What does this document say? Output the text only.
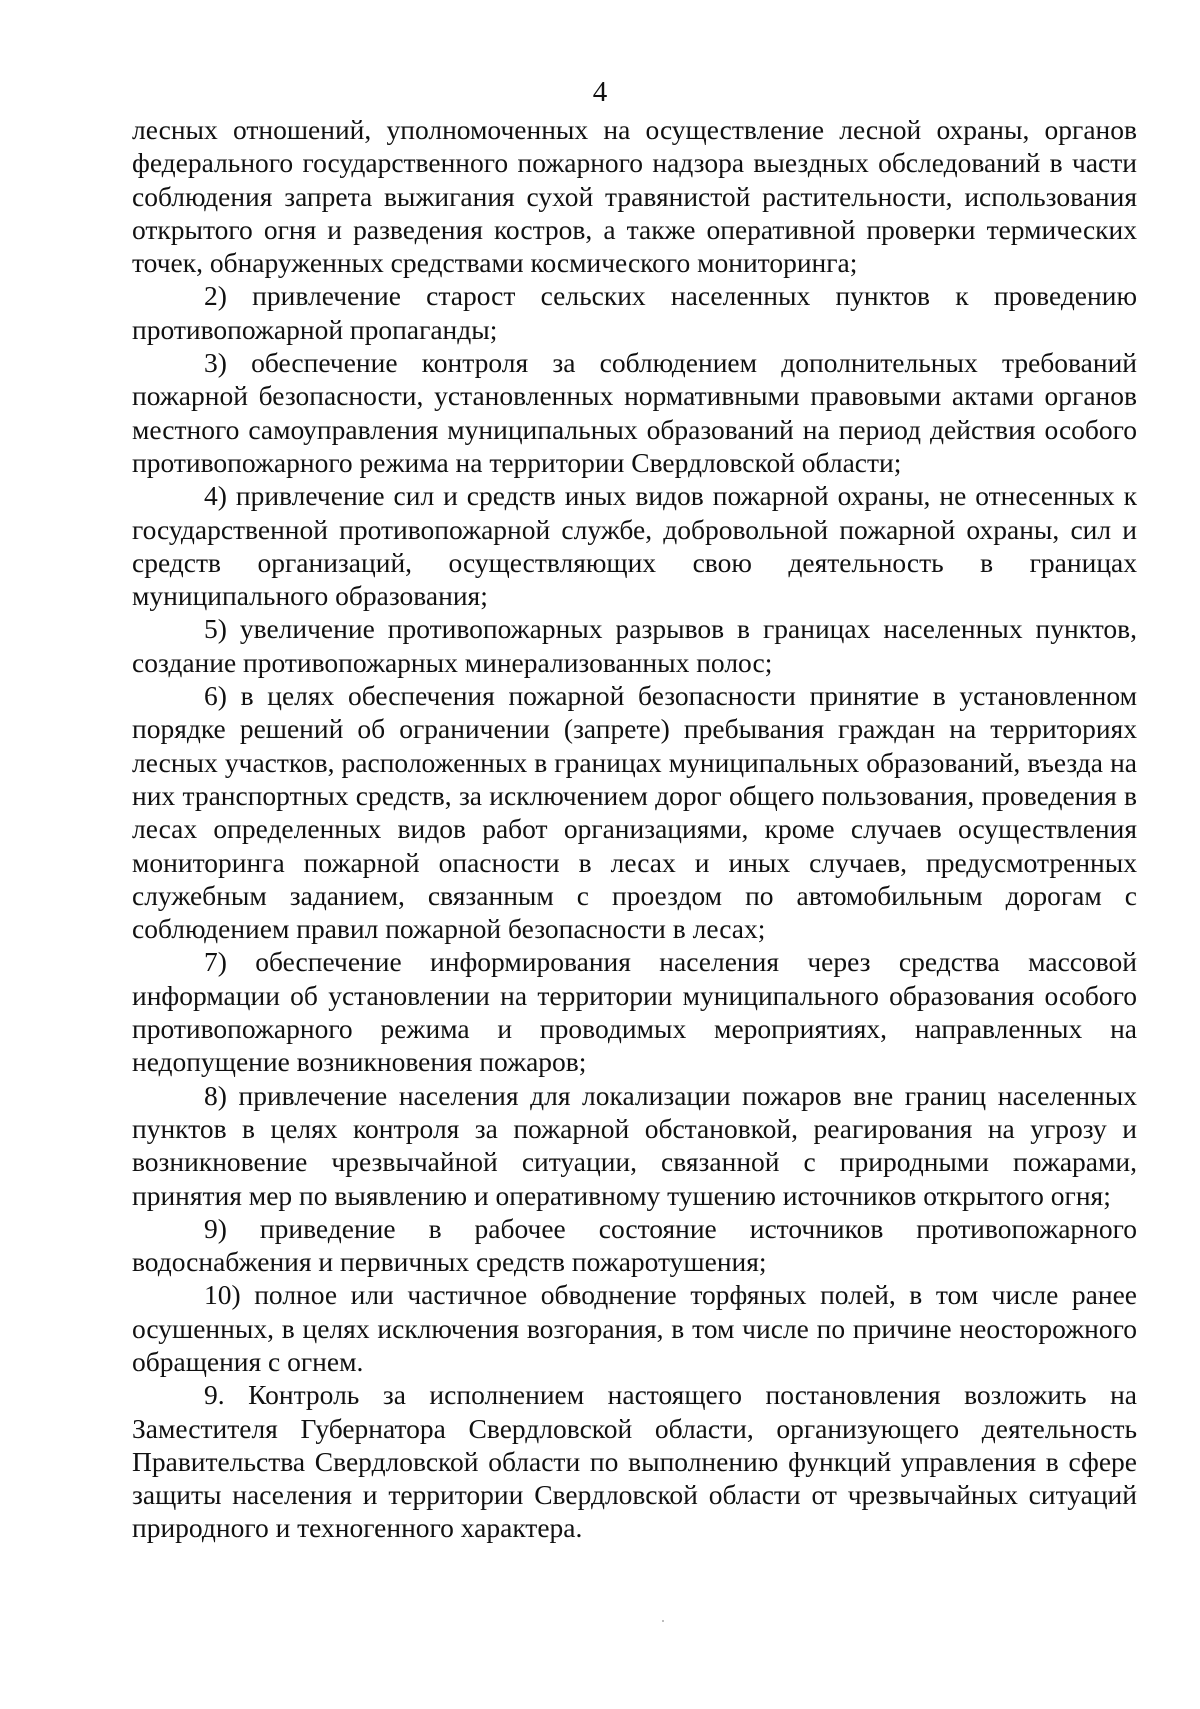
4

лесных отношений, уполномоченных на осуществление лесной охраны, органов федерального государственного пожарного надзора выездных обследований в части соблюдения запрета выжигания сухой травянистой растительности, использования открытого огня и разведения костров, а также оперативной проверки термических точек, обнаруженных средствами космического мониторинга;

2) привлечение старост сельских населенных пунктов к проведению противопожарной пропаганды;

3) обеспечение контроля за соблюдением дополнительных требований пожарной безопасности, установленных нормативными правовыми актами органов местного самоуправления муниципальных образований на период действия особого противопожарного режима на территории Свердловской области;

4) привлечение сил и средств иных видов пожарной охраны, не отнесенных к государственной противопожарной службе, добровольной пожарной охраны, сил и средств организаций, осуществляющих свою деятельность в границах муниципального образования;

5) увеличение противопожарных разрывов в границах населенных пунктов, создание противопожарных минерализованных полос;

6) в целях обеспечения пожарной безопасности принятие в установленном порядке решений об ограничении (запрете) пребывания граждан на территориях лесных участков, расположенных в границах муниципальных образований, въезда на них транспортных средств, за исключением дорог общего пользования, проведения в лесах определенных видов работ организациями, кроме случаев осуществления мониторинга пожарной опасности в лесах и иных случаев, предусмотренных служебным заданием, связанным с проездом по автомобильным дорогам с соблюдением правил пожарной безопасности в лесах;

7) обеспечение информирования населения через средства массовой информации об установлении на территории муниципального образования особого противопожарного режима и проводимых мероприятиях, направленных на недопущение возникновения пожаров;

8) привлечение населения для локализации пожаров вне границ населенных пунктов в целях контроля за пожарной обстановкой, реагирования на угрозу и возникновение чрезвычайной ситуации, связанной с природными пожарами, принятия мер по выявлению и оперативному тушению источников открытого огня;

9) приведение в рабочее состояние источников противопожарного водоснабжения и первичных средств пожаротушения;

10) полное или частичное обводнение торфяных полей, в том числе ранее осушенных, в целях исключения возгорания, в том числе по причине неосторожного обращения с огнем.

9. Контроль за исполнением настоящего постановления возложить на Заместителя Губернатора Свердловской области, организующего деятельность Правительства Свердловской области по выполнению функций управления в сфере защиты населения и территории Свердловской области от чрезвычайных ситуаций природного и техногенного характера.
